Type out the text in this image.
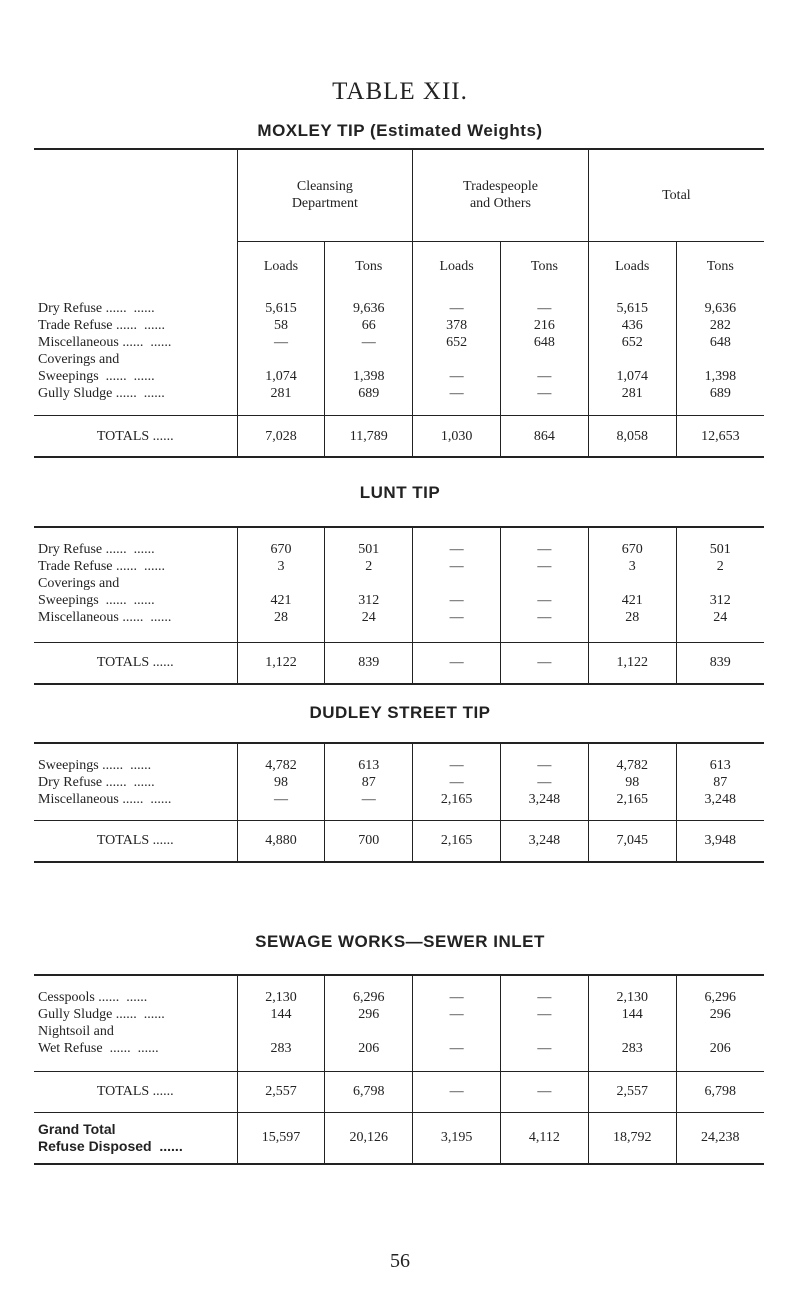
TABLE XII.
MOXLEY TIP (Estimated Weights)
	Cleansing
Department		Tradespeople
and Others		Total	
	Loads	Tons	Loads	Tons	Loads	Tons

Dry Refuse ......  ......	5,615	9,636	—	—	5,615	9,636
Trade Refuse ......  ......	58	66	378	216	436	282
Miscellaneous ......  ......	—	—	652	648	652	648
Coverings and
Sweepings  ......  ......	1,074	1,398	—	—	1,074	1,398
Gully Sludge ......  ......	281	689	—	—	281	689

TOTALS ......	7,028	11,789	1,030	864	8,058	12,653
LUNT TIP

Dry Refuse ......  ......	670	501	—	—	670	501
Trade Refuse ......  ......	3	2	—	—	3	2
Coverings and
Sweepings  ......  ......	421	312	—	—	421	312
Miscellaneous ......  ......	28	24	—	—	28	24

TOTALS ......	1,122	839	—	—	1,122	839
DUDLEY STREET TIP

Sweepings ......  ......	4,782	613	—	—	4,782	613
Dry Refuse ......  ......	98	87	—	—	98	87
Miscellaneous ......  ......	—	—	2,165	3,248	2,165	3,248

TOTALS ......	4,880	700	2,165	3,248	7,045	3,948
SEWAGE WORKS—SEWER INLET

Cesspools ......  ......	2,130	6,296	—	—	2,130	6,296
Gully Sludge ......  ......	144	296	—	—	144	296
Nightsoil and
Wet Refuse  ......  ......	283	206	—	—	283	206

TOTALS ......	2,557	6,798	—	—	2,557	6,798
Grand Total
Refuse Disposed  ......	15,597	20,126	3,195	4,112	18,792	24,238
56
